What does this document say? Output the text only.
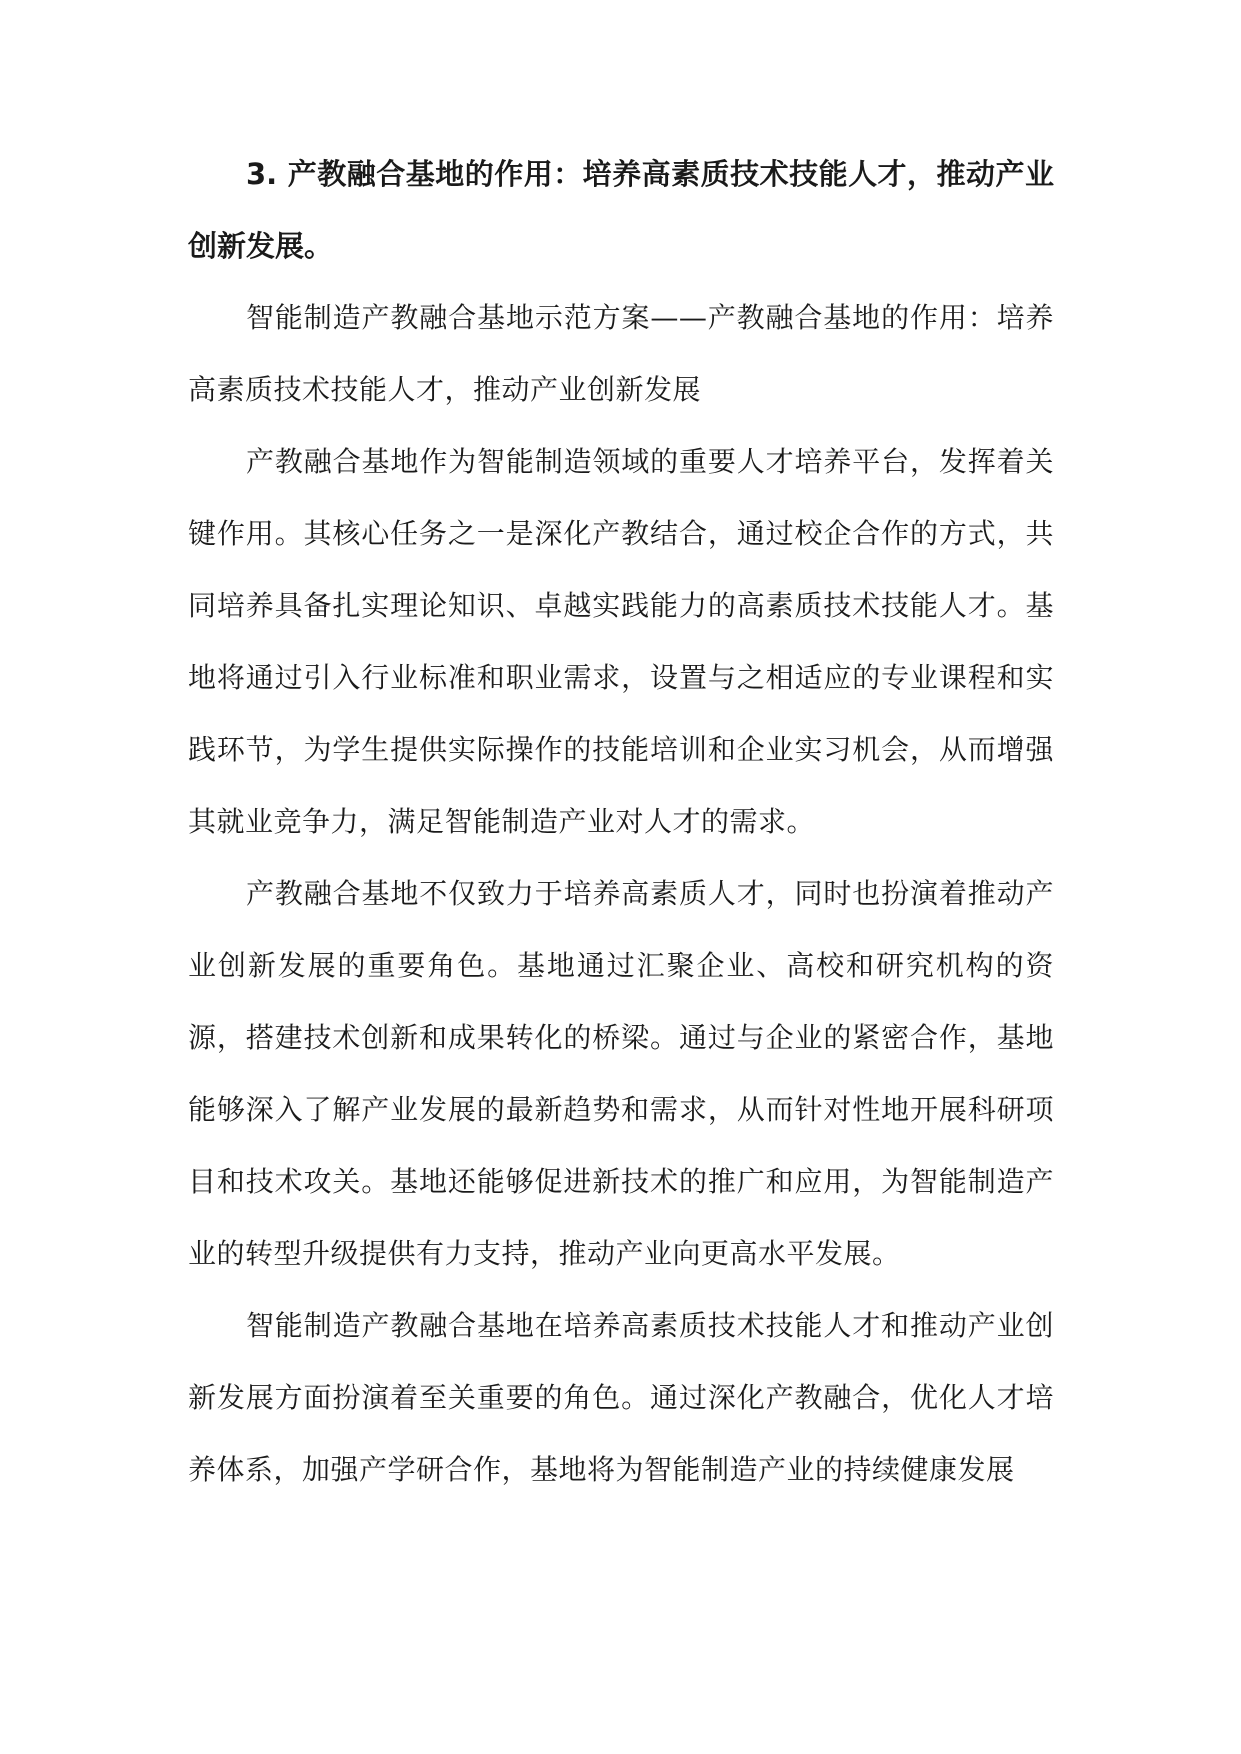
3. 产教融合基地的作用：培养高素质技术技能人才，推动产业创新发展。

智能制造产教融合基地示范方案——产教融合基地的作用：培养高素质技术技能人才，推动产业创新发展

产教融合基地作为智能制造领域的重要人才培养平台，发挥着关键作用。其核心任务之一是深化产教结合，通过校企合作的方式，共同培养具备扎实理论知识、卓越实践能力的高素质技术技能人才。基地将通过引入行业标准和职业需求，设置与之相适应的专业课程和实践环节，为学生提供实际操作的技能培训和企业实习机会，从而增强其就业竞争力，满足智能制造产业对人才的需求。

产教融合基地不仅致力于培养高素质人才，同时也扮演着推动产业创新发展的重要角色。基地通过汇聚企业、高校和研究机构的资源，搭建技术创新和成果转化的桥梁。通过与企业的紧密合作，基地能够深入了解产业发展的最新趋势和需求，从而针对性地开展科研项目和技术攻关。基地还能够促进新技术的推广和应用，为智能制造产业的转型升级提供有力支持，推动产业向更高水平发展。

智能制造产教融合基地在培养高素质技术技能人才和推动产业创新发展方面扮演着至关重要的角色。通过深化产教融合，优化人才培养体系，加强产学研合作，基地将为智能制造产业的持续健康发展
